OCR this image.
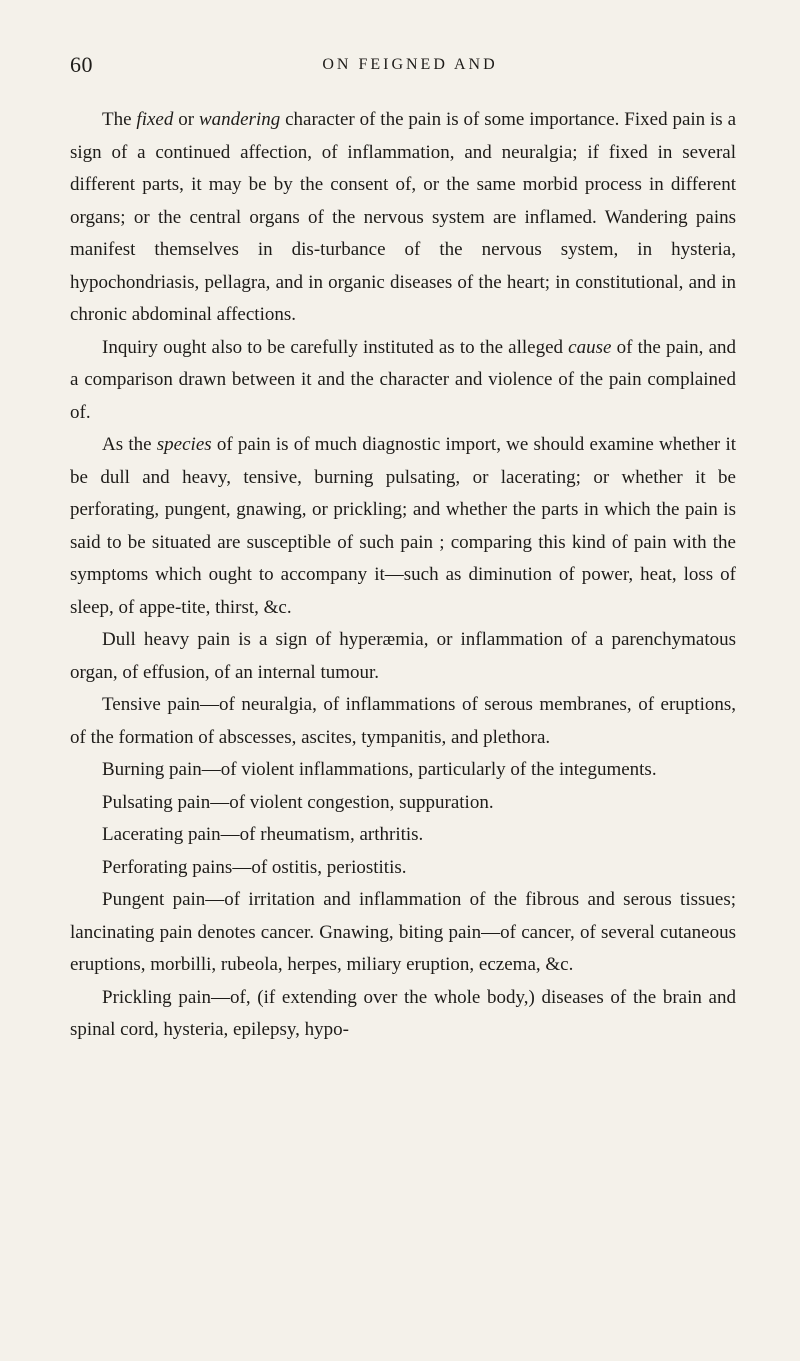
60	ON FEIGNED AND

The fixed or wandering character of the pain is of some importance. Fixed pain is a sign of a continued affection, of inflammation, and neuralgia; if fixed in several different parts, it may be by the consent of, or the same morbid process in different organs; or the central organs of the nervous system are inflamed. Wandering pains manifest themselves in dis-turbance of the nervous system, in hysteria, hypochondriasis, pellagra, and in organic diseases of the heart; in constitutional, and in chronic abdominal affections.

Inquiry ought also to be carefully instituted as to the alleged cause of the pain, and a comparison drawn between it and the character and violence of the pain complained of.

As the species of pain is of much diagnostic import, we should examine whether it be dull and heavy, tensive, burning pulsating, or lacerating; or whether it be perforating, pungent, gnawing, or prickling; and whether the parts in which the pain is said to be situated are susceptible of such pain ; comparing this kind of pain with the symptoms which ought to accompany it—such as diminution of power, heat, loss of sleep, of appe-tite, thirst, &c.

Dull heavy pain is a sign of hyperæmia, or inflammation of a parenchymatous organ, of effusion, of an internal tumour.

Tensive pain—of neuralgia, of inflammations of serous membranes, of eruptions, of the formation of abscesses, ascites, tympanitis, and plethora.

Burning pain—of violent inflammations, particularly of the integuments.

Pulsating pain—of violent congestion, suppuration.

Lacerating pain—of rheumatism, arthritis.

Perforating pains—of ostitis, periostitis.

Pungent pain—of irritation and inflammation of the fibrous and serous tissues; lancinating pain denotes cancer. Gnawing, biting pain—of cancer, of several cutaneous eruptions, morbilli, rubeola, herpes, miliary eruption, eczema, &c.

Prickling pain—of, (if extending over the whole body,) diseases of the brain and spinal cord, hysteria, epilepsy, hypo-
